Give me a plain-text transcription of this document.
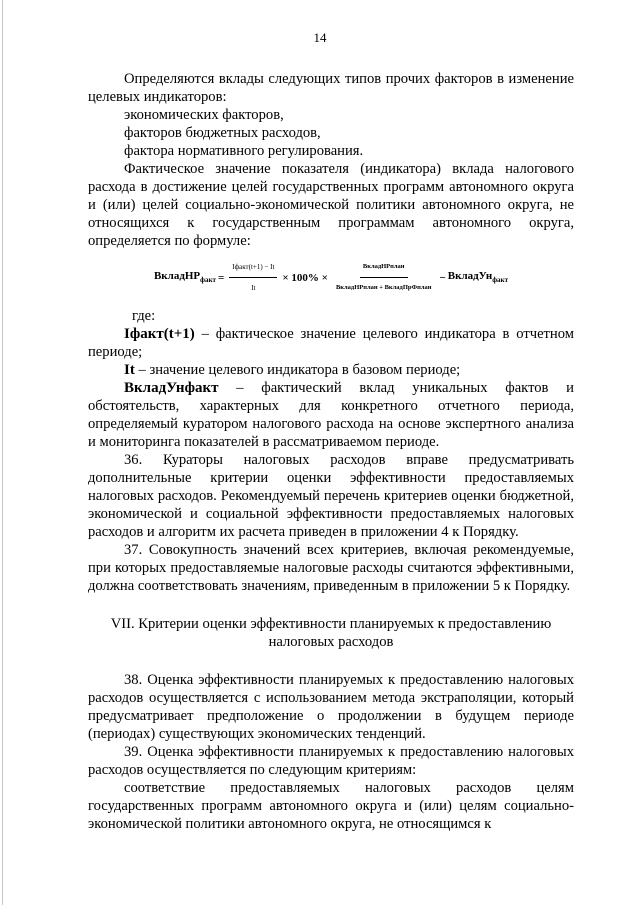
14

Определяются вклады следующих типов прочих факторов в изменение целевых индикаторов:

экономических факторов,

факторов бюджетных расходов,

фактора нормативного регулирования.

Фактическое значение показателя (индикатора) вклада налогового расхода в достижение целей государственных программ автономного округа и (или) целей социально-экономической политики автономного округа, не относящихся к государственным программам автономного округа, определяется по формуле:

ВкладНР$_{факт}$ = $\frac{\text{Iфакт(t+1) − It}}{It} \times 100\% \times \frac{\text{ВкладНРплан}}{\text{ВкладНРплан + ВкладПрФплан}}$ − ВкладУн$_{факт}$

где:

Iфакт(t+1) – фактическое значение целевого индикатора в отчетном периоде;

It – значение целевого индикатора в базовом периоде;

ВкладУнфакт – фактический вклад уникальных фактов и обстоятельств, характерных для конкретного отчетного периода, определяемый куратором налогового расхода на основе экспертного анализа и мониторинга показателей в рассматриваемом периоде.

36. Кураторы налоговых расходов вправе предусматривать дополнительные критерии оценки эффективности предоставляемых налоговых расходов. Рекомендуемый перечень критериев оценки бюджетной, экономической и социальной эффективности предоставляемых налоговых расходов и алгоритм их расчета приведен в приложении 4 к Порядку.

37. Совокупность значений всех критериев, включая рекомендуемые, при которых предоставляемые налоговые расходы считаются эффективными, должна соответствовать значениям, приведенным в приложении 5 к Порядку.

VII. Критерии оценки эффективности планируемых к предоставлению
налоговых расходов

38. Оценка эффективности планируемых к предоставлению налоговых расходов осуществляется с использованием метода экстраполяции, который предусматривает предположение о продолжении в будущем периоде (периодах) существующих экономических тенденций.

39. Оценка эффективности планируемых к предоставлению налоговых расходов осуществляется по следующим критериям:

соответствие предоставляемых налоговых расходов целям государственных программ автономного округа и (или) целям социально-экономической политики автономного округа, не относящимся к
